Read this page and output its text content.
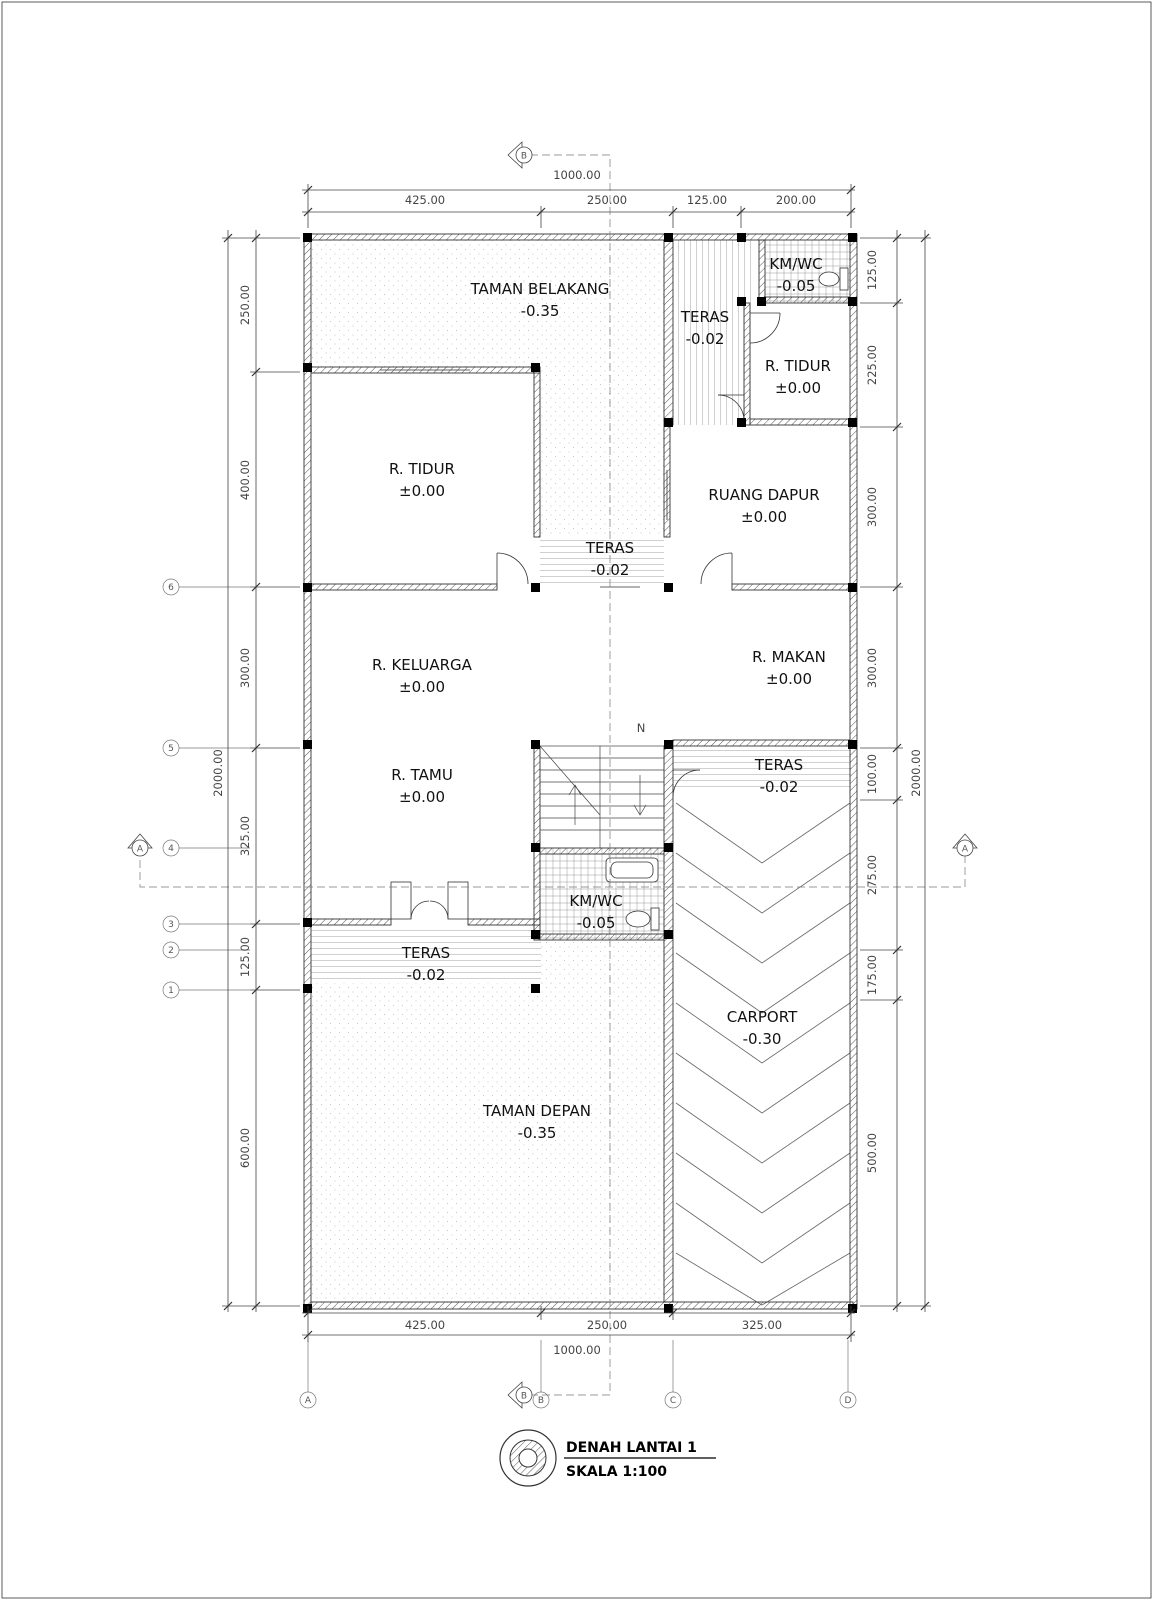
B
B
A	A
N
6
5
4
3
2
1
A	B	C	D
1000.00
425.00	250.00	125.00	200.00
425.00	250.00	325.00
1000.00
2000.00
250.00
400.00
300.00
325.00
125.00
600.00
2000.00
125.00
225.00
300.00
300.00
100.00
275.00
175.00
500.00
TAMAN BELAKANG
-0.35	TERAS
-0.02
KM/WC
-0.05
R. TIDUR
±0.00
R. TIDUR
±0.00	RUANG DAPUR
±0.00
TERAS
-0.02
R. KELUARGA
±0.00
R. MAKAN
±0.00
R. TAMU
±0.00
TERAS
-0.02
KM/WC
-0.05
TERAS
-0.02
CARPORT
-0.30
TAMAN DEPAN
-0.35
DENAH LANTAI 1
SKALA 1:100
